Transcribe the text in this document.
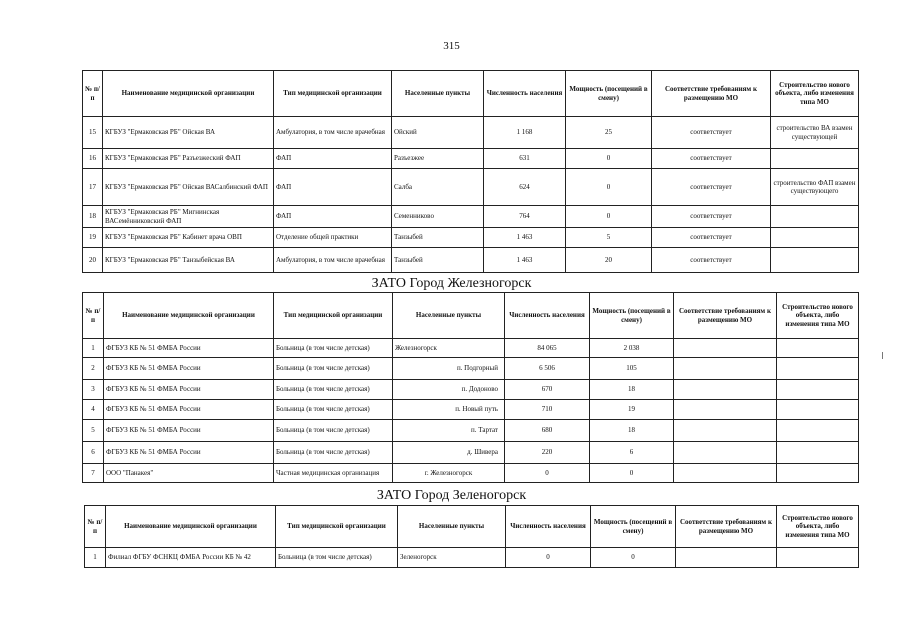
315
№ п/п	Наименование медицинской организации	Тип медицинской организации	Населенные пункты	Численность населения	Мощность (посещений в смену)	Соответствие требованиям к размещению МО	Строительство нового объекта, либо изменения типа МО
15	КГБУЗ "Ермаковская РБ" Ойская ВА	Амбулатория, в том числе врачебная	Ойский	1 168	25	соответствует	строительство ВА взамен существующей
16	КГБУЗ "Ермаковская РБ" Разъезжеский ФАП	ФАП	Разъезжее	631	0	соответствует	
17	КГБУЗ "Ермаковская РБ" Ойская ВАСалбинский ФАП	ФАП	Салба	624	0	соответствует	строительство ФАП взамен существующего
18	КГБУЗ "Ермаковская РБ" Мигнинская ВАСемённиковский ФАП	ФАП	Семенниково	764	0	соответствует	
19	КГБУЗ "Ермаковская РБ" Кабинет врача ОВП	Отделение общей практики	Танзыбей	1 463	5	соответствует	
20	КГБУЗ "Ермаковская РБ" Танзыбейская ВА	Амбулатория, в том числе врачебная	Танзыбей	1 463	20	соответствует	
ЗАТО Город Железногорск
№ п/п	Наименование медицинской организации	Тип медицинской организации	Населенные пункты	Численность населения	Мощность (посещений в смену)	Соответствие требованиям к размещению МО	Строительство нового объекта, либо изменения типа МО
1	ФГБУЗ КБ № 51 ФМБА России	Больница (в том числе детская)	Железногорск	84 065	2 038		
2	ФГБУЗ КБ № 51 ФМБА России	Больница (в том числе детская)	п. Подгорный	6 506	105		
3	ФГБУЗ КБ № 51 ФМБА России	Больница (в том числе детская)	п. Додоново	670	18		
4	ФГБУЗ КБ № 51 ФМБА России	Больница (в том числе детская)	п. Новый путь	710	19		
5	ФГБУЗ КБ № 51 ФМБА России	Больница (в том числе детская)	п. Тартат	680	18		
6	ФГБУЗ КБ № 51 ФМБА России	Больница (в том числе детская)	д. Шивера	220	6		
7	ООО "Панакея"	Частная медицинская организация	г. Железногорск	0	0		
ЗАТО Город Зеленогорск
№ п/п	Наименование медицинской организации	Тип медицинской организации	Населенные пункты	Численность населения	Мощность (посещений в смену)	Соответствие требованиям к размещению МО	Строительство нового объекта, либо изменения типа МО
1	Филиал ФГБУ ФСНКЦ ФМБА России КБ № 42	Больница (в том числе детская)	Зеленогорск	0	0		
